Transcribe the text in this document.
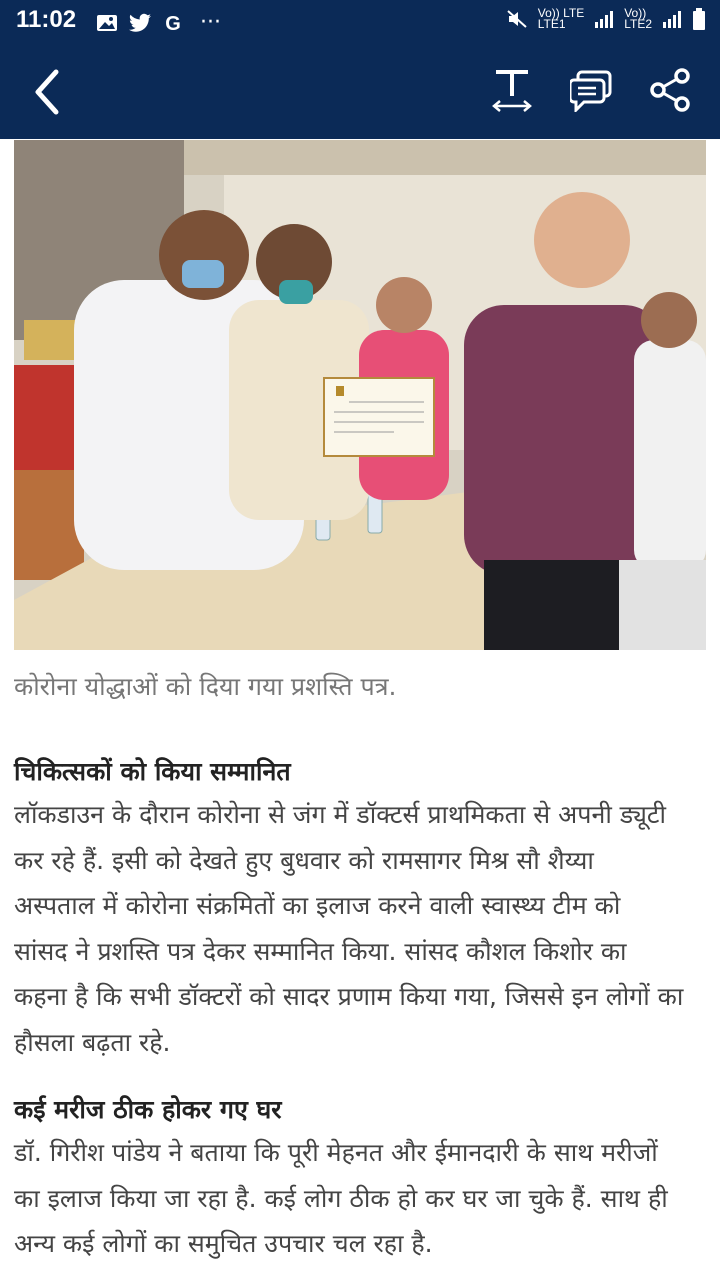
11:02	G ···	Vo)) LTE
LTE1
Vo))
LTE2
कोरोना योद्धाओं को दिया गया प्रशस्ति पत्र.
चिकित्सकों को किया सम्मानित
लॉकडाउन के दौरान कोरोना से जंग में डॉक्टर्स प्राथमिकता से अपनी ड्यूटी
कर रहे हैं. इसी को देखते हुए बुधवार को रामसागर मिश्र सौ शैय्या
अस्पताल में कोरोना संक्रमितों का इलाज करने वाली स्वास्थ्य टीम को
सांसद ने प्रशस्ति पत्र देकर सम्मानित किया. सांसद कौशल किशोर का
कहना है कि सभी डॉक्टरों को सादर प्रणाम किया गया, जिससे इन लोगों का
हौसला बढ़ता रहे.
कई मरीज ठीक होकर गए घर
डॉ. गिरीश पांडेय ने बताया कि पूरी मेहनत और ईमानदारी के साथ मरीजों
का इलाज किया जा रहा है. कई लोग ठीक हो कर घर जा चुके हैं. साथ ही
अन्य कई लोगों का समुचित उपचार चल रहा है.
